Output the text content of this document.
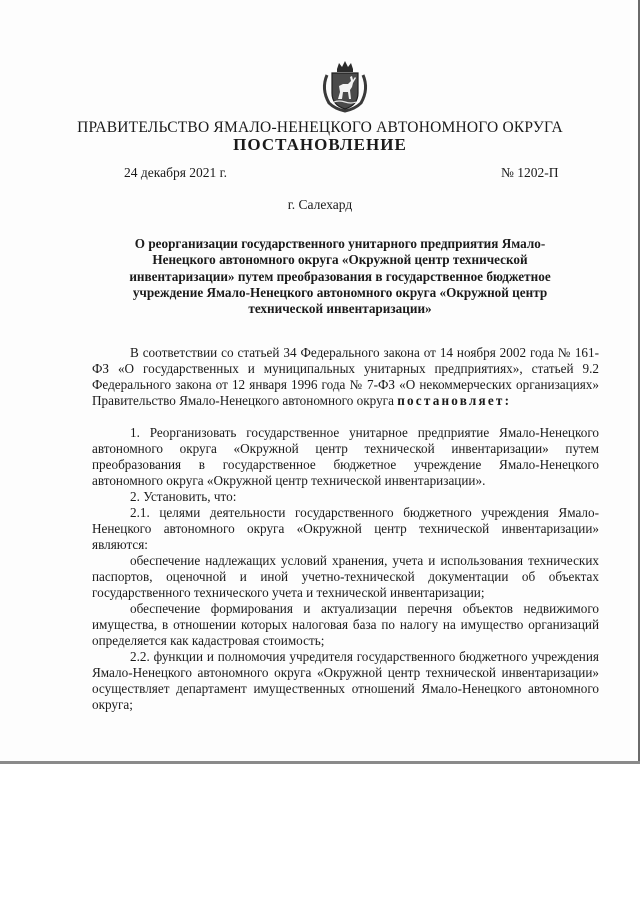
ПРАВИТЕЛЬСТВО ЯМАЛО-НЕНЕЦКОГО АВТОНОМНОГО ОКРУГА
ПОСТАНОВЛЕНИЕ
24 декабря 2021 г.	№ 1202-П
г. Салехард
О реорганизации государственного унитарного предприятия Ямало-Ненецкого автономного округа «Окружной центр технической инвентаризации» путем преобразования в государственное бюджетное учреждение Ямало-Ненецкого автономного округа «Окружной центр технической инвентаризации»

В соответствии со статьей 34 Федерального закона от 14 ноября 2002 года № 161-ФЗ «О государственных и муниципальных унитарных предприятиях», статьей 9.2 Федерального закона от 12 января 1996 года № 7-ФЗ «О некоммерческих организациях» Правительство Ямало-Ненецкого автономного округа постановляет:

1. Реорганизовать государственное унитарное предприятие Ямало-Ненецкого автономного округа «Окружной центр технической инвентаризации» путем преобразования в государственное бюджетное учреждение Ямало-Ненецкого автономного округа «Окружной центр технической инвентаризации».

2. Установить, что:

2.1. целями деятельности государственного бюджетного учреждения Ямало-Ненецкого автономного округа «Окружной центр технической инвентаризации» являются:

обеспечение надлежащих условий хранения, учета и использования технических паспортов, оценочной и иной учетно-технической документации об объектах государственного технического учета и технической инвентаризации;

обеспечение формирования и актуализации перечня объектов недвижимого имущества, в отношении которых налоговая база по налогу на имущество организаций определяется как кадастровая стоимость;

2.2. функции и полномочия учредителя государственного бюджетного учреждения Ямало-Ненецкого автономного округа «Окружной центр технической инвентаризации» осуществляет департамент имущественных отношений Ямало-Ненецкого автономного округа;
